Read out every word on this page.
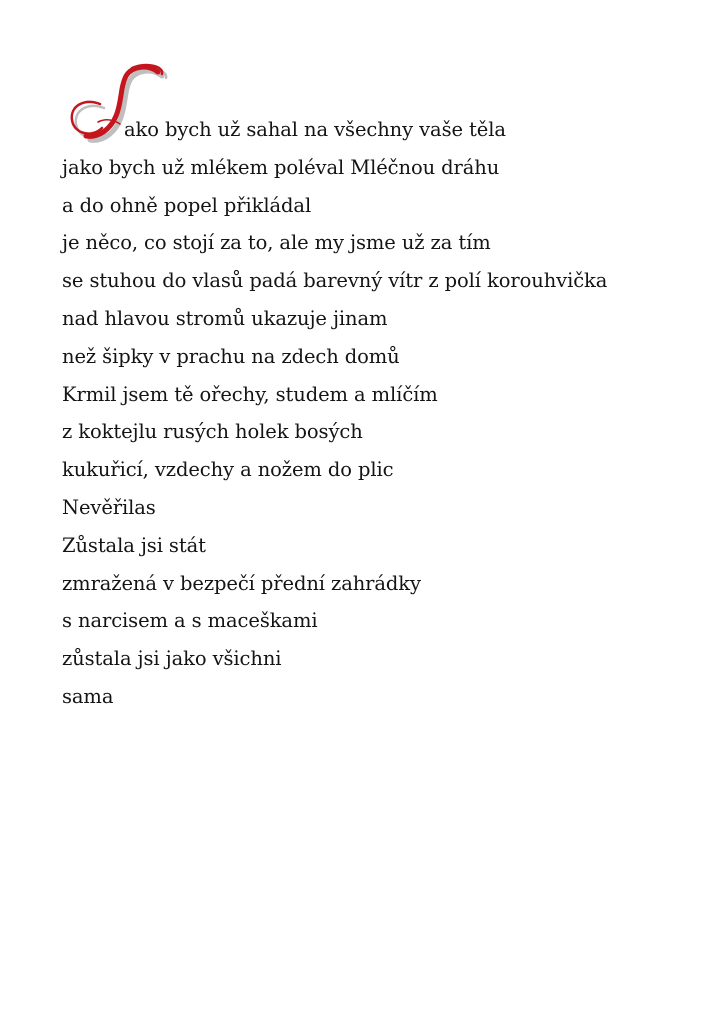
ako bych už sahal na všechny vaše těla
jako bych už mlékem poléval Mléčnou dráhu
a do ohně popel přikládal
je něco, co stojí za to, ale my jsme už za tím
se stuhou do vlasů padá barevný vítr z polí korouhvička
nad hlavou stromů ukazuje jinam
než šipky v prachu na zdech domů
Krmil jsem tě ořechy, studem a mlíčím
z koktejlu rusých holek bosých
kukuřicí, vzdechy a nožem do plic
Nevěřilas
Zůstala jsi stát
zmražená v bezpečí přední zahrádky
s narcisem a s maceškami
zůstala jsi jako všichni
sama
